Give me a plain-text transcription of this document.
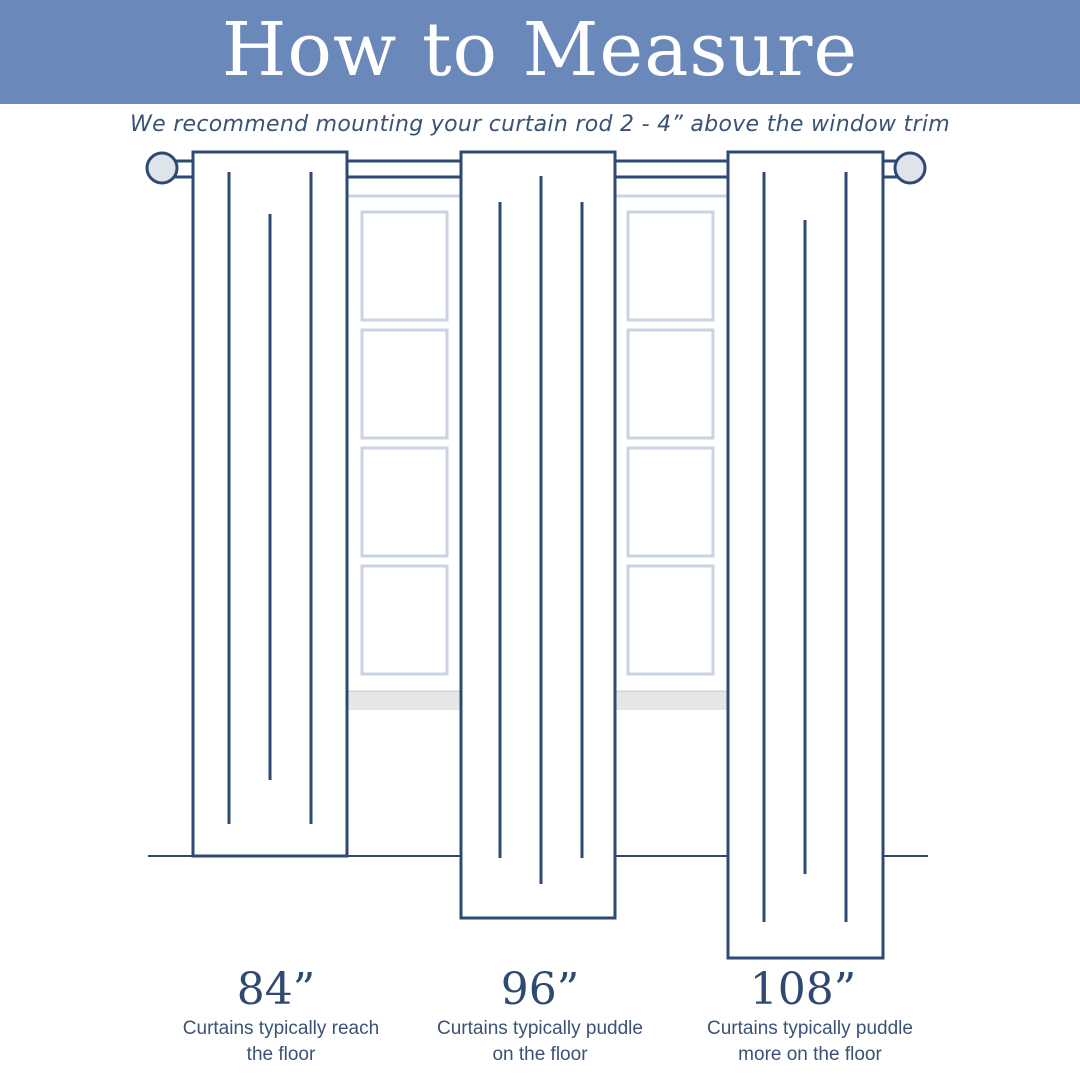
How to Measure
We recommend mounting your curtain rod 2 - 4” above the window trim
84”
Curtains typically reach
the floor
96”
Curtains typically puddle
on the floor
108”
Curtains typically puddle
more on the floor
